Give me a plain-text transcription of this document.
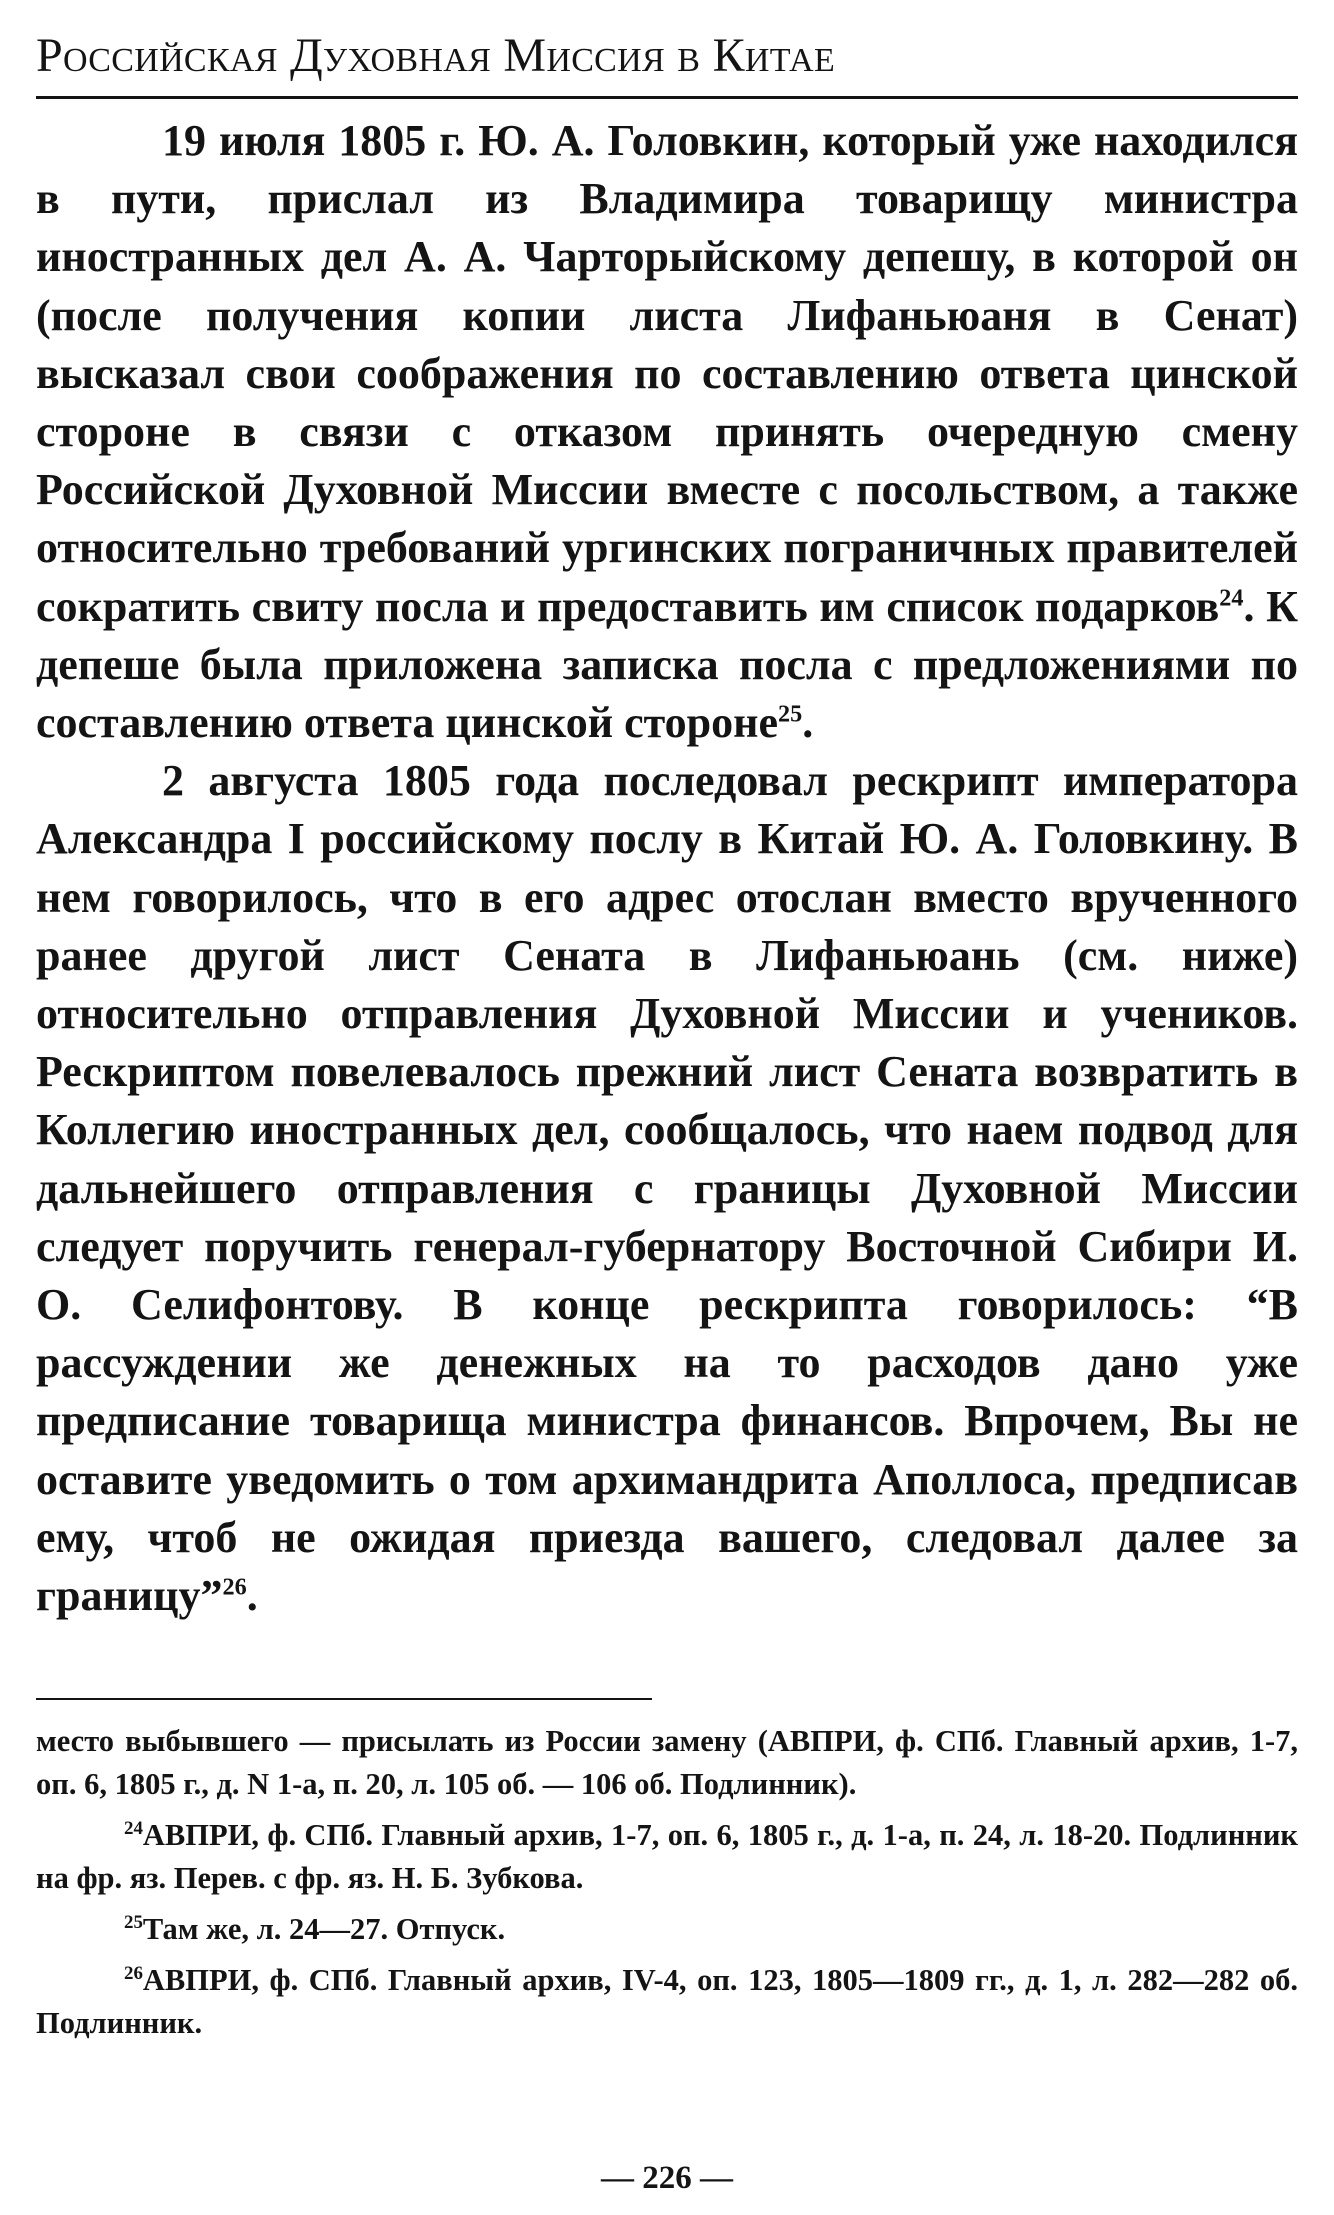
Российская Духовная Миссия в Китае

19 июля 1805 г. Ю. А. Головкин, который уже находился в пути, прислал из Владимира товарищу министра иностранных дел А. А. Чарторыйскому депешу, в которой он (после получения копии листа Лифаньюаня в Сенат) высказал свои соображения по составлению ответа цинской стороне в связи с отказом принять очередную смену Российской Духовной Миссии вместе с посольством, а также относительно требований ургинских пограничных правителей сократить свиту посла и предоставить им список подарков$^{24}$. К депеше была приложена записка посла с предложениями по составлению ответа цинской стороне$^{25}$.

2 августа 1805 года последовал рескрипт императора Александра I российскому послу в Китай Ю. А. Головкину. В нем говорилось, что в его адрес отослан вместо врученного ранее другой лист Сената в Лифаньюань (см. ниже) относительно отправления Духовной Миссии и учеников. Рескриптом повелевалось прежний лист Сената возвратить в Коллегию иностранных дел, сообщалось, что наем подвод для дальнейшего отправления с границы Духовной Миссии следует поручить генерал-губернатору Восточной Сибири И. О. Селифонтову. В конце рескрипта говорилось: “В рассуждении же денежных на то расходов дано уже предписание товарища министра финансов. Впрочем, Вы не оставите уведомить о том архимандрита Аполлоса, предписав ему, чтоб не ожидая приезда вашего, следовал далее за границу”$^{26}$.

место выбывшего — присылать из России замену (АВПРИ, ф. СПб. Главный архив, 1-7, оп. 6, 1805 г., д. N 1-а, п. 20, л. 105 об. — 106 об. Подлинник).

$^{24}$АВПРИ, ф. СПб. Главный архив, 1-7, оп. 6, 1805 г., д. 1-а, п. 24, л. 18-20. Подлинник на фр. яз. Перев. с фр. яз. Н. Б. Зубкова.

$^{25}$Там же, л. 24—27. Отпуск.

$^{26}$АВПРИ, ф. СПб. Главный архив, IV-4, оп. 123, 1805—1809 гг., д. 1, л. 282—282 об. Подлинник.

— 226 —
